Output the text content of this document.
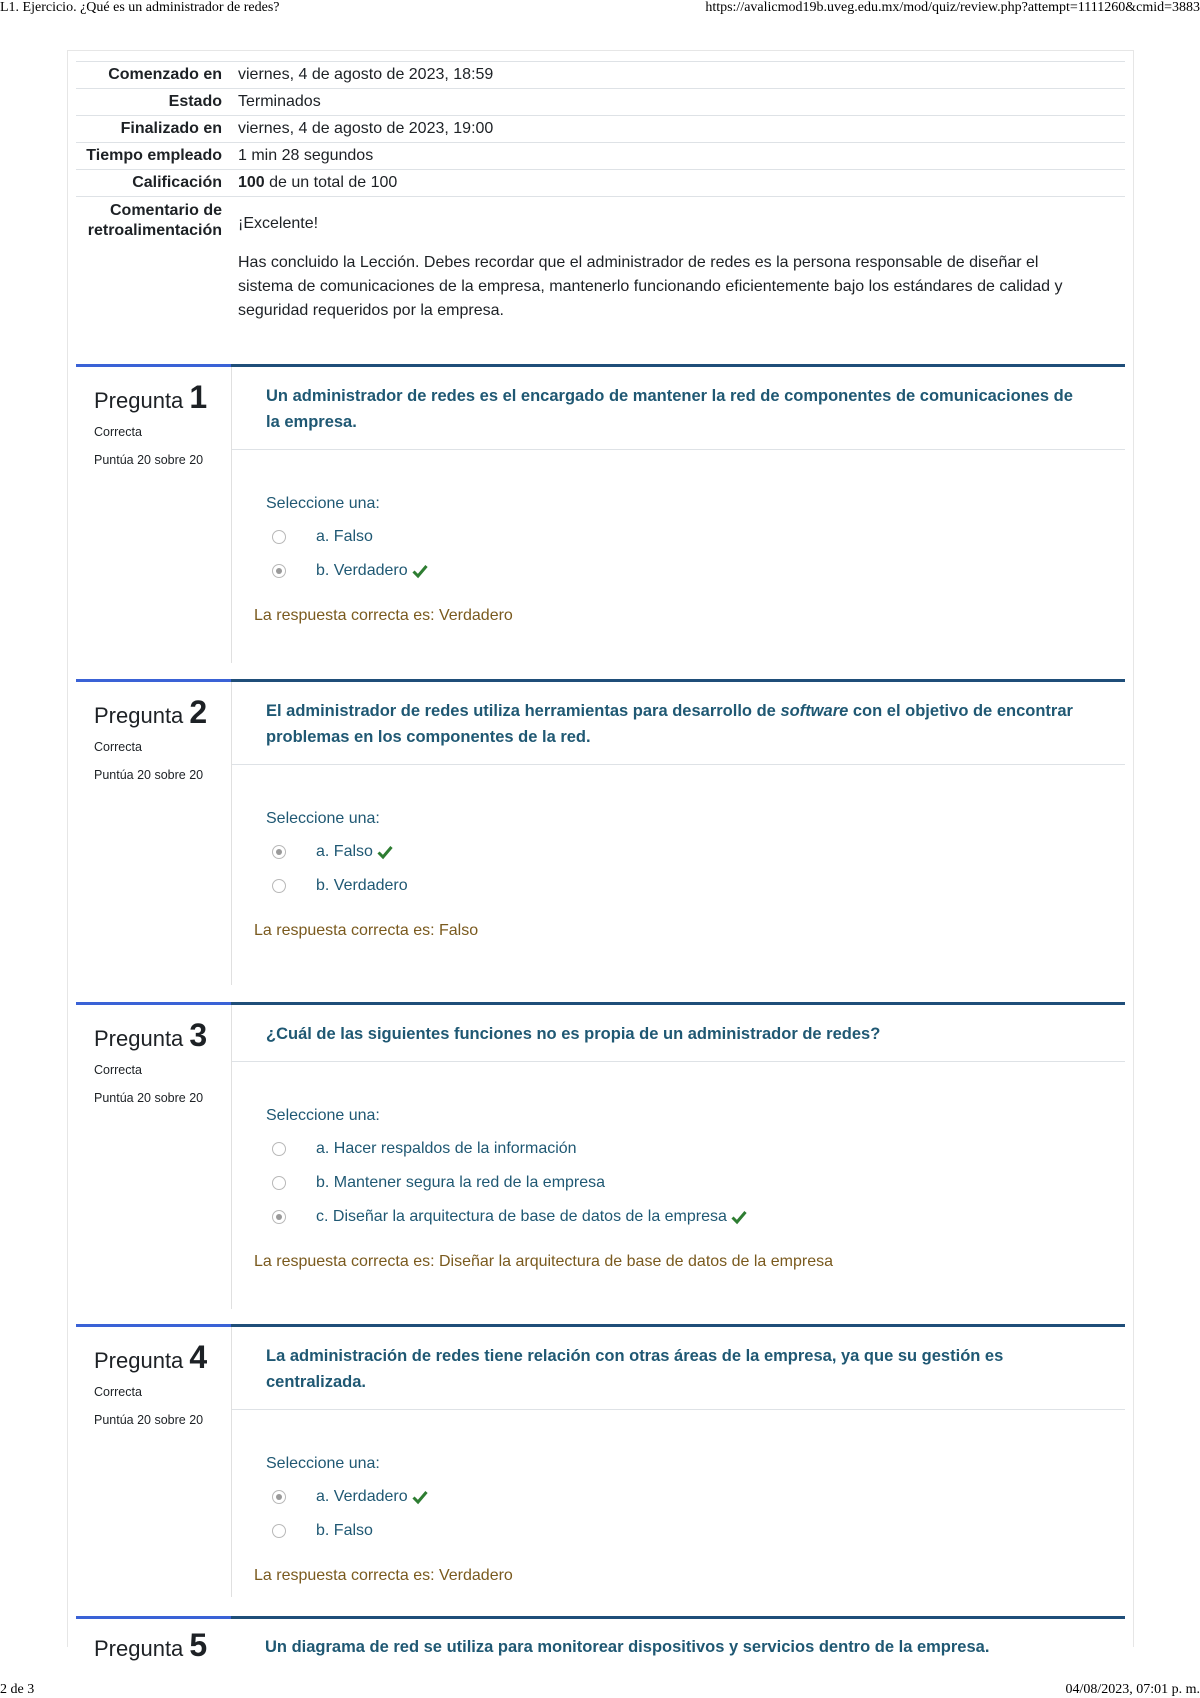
L1. Ejercicio. ¿Qué es un administrador de redes?	https://avalicmod19b.uveg.edu.mx/mod/quiz/review.php?attempt=1111260&cmid=3883
Comenzado en	viernes, 4 de agosto de 2023, 18:59
Estado	Terminados
Finalizado en	viernes, 4 de agosto de 2023, 19:00
Tiempo empleado	1 min 28 segundos
Calificación	100 de un total de 100
Comentario de
retroalimentación ¡Excelente!
Has concluido la Lección. Debes recordar que el administrador de redes es la persona responsable de diseñar el sistema de comunicaciones de la empresa, mantenerlo funcionando eficientemente bajo los estándares de calidad y seguridad requeridos por la empresa.
Pregunta 1
Correcta
Puntúa 20 sobre 20
Un administrador de redes es el encargado de mantener la red de componentes de comunicaciones de la empresa.
Seleccione una:
a. Falso
b. Verdadero
La respuesta correcta es: Verdadero
Pregunta 2
Correcta
Puntúa 20 sobre 20
El administrador de redes utiliza herramientas para desarrollo de software con el objetivo de encontrar problemas en los componentes de la red.
Seleccione una:
a. Falso
b. Verdadero
La respuesta correcta es: Falso
Pregunta 3
Correcta
Puntúa 20 sobre 20
¿Cuál de las siguientes funciones no es propia de un administrador de redes?
Seleccione una:
a. Hacer respaldos de la información
b. Mantener segura la red de la empresa
c. Diseñar la arquitectura de base de datos de la empresa
La respuesta correcta es: Diseñar la arquitectura de base de datos de la empresa
Pregunta 4
Correcta
Puntúa 20 sobre 20
La administración de redes tiene relación con otras áreas de la empresa, ya que su gestión es centralizada.
Seleccione una:
a. Verdadero
b. Falso
La respuesta correcta es: Verdadero
Pregunta 5	Un diagrama de red se utiliza para monitorear dispositivos y servicios dentro de la empresa.
2 de 3	04/08/2023, 07:01 p. m.
